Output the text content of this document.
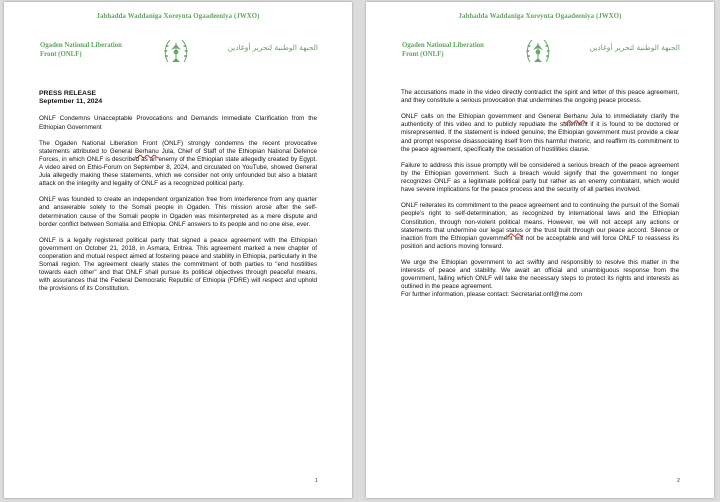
Jabhadda Waddaniga Xoreynta Ogaadeeniya (JWXO)
Ogaden National Liberation
Front (ONLF)
الجبهة الوطنية لتحرير أوغادين
PRESS RELEASE
September 11, 2024

ONLF Condemns Unacceptable Provocations and Demands Immediate Clarification from the Ethiopian Government

The Ogaden National Liberation Front (ONLF) strongly condemns the recent provocative statements attributed to General Berhanu Jula, Chief of Staff of the Ethiopian National Defence Forces, in which ONLF is described as an enemy of the Ethiopian state allegedly created by Egypt. A video aired on Ethio-Forum on September 8, 2024, and circulated on YouTube, showed General Jula allegedly making these statements, which we consider not only unfounded but also a blatant attack on the integrity and legality of ONLF as a recognized political party.

ONLF was founded to create an independent organization free from interference from any quarter and answerable solely to the Somali people in Ogaden. This mission arose after the self-determination cause of the Somali people in Ogaden was misinterpreted as a mere dispute and border conflict between Somalia and Ethiopia. ONLF answers to its people and no one else, ever.

ONLF is a legally registered political party that signed a peace agreement with the Ethiopian government on October 21, 2018, in Asmara, Eritrea. This agreement marked a new chapter of cooperation and mutual respect aimed at fostering peace and stability in Ethiopia, particularly in the Somali region. The agreement clearly states the commitment of both parties to "end hostilities towards each other" and that ONLF shall pursue its political objectives through peaceful means, with assurances that the Federal Democratic Republic of Ethiopia (FDRE) will respect and uphold the provisions of its Constitution.

1
Jabhadda Waddaniga Xoreynta Ogaadeeniya (JWXO)
Ogaden National Liberation
Front (ONLF)
الجبهة الوطنية لتحرير أوغادين

The accusations made in the video directly contradict the spirit and letter of this peace agreement, and they constitute a serious provocation that undermines the ongoing peace process.

ONLF calls on the Ethiopian government and General Berhanu Jula to immediately clarify the authenticity of this video and to publicly repudiate the statement if it is found to be doctored or misrepresented. If the statement is indeed genuine, the Ethiopian government must provide a clear and prompt response disassociating itself from this harmful rhetoric, and reaffirm its commitment to the peace agreement, specifically the cessation of hostilities clause.

Failure to address this issue promptly will be considered a serious breach of the peace agreement by the Ethiopian government. Such a breach would signify that the government no longer recognizes ONLF as a legitimate political party but rather as an enemy combatant, which would have severe implications for the peace process and the security of all parties involved.

ONLF reiterates its commitment to the peace agreement and to continuing the pursuit of the Somali people's right to self-determination, as recognized by international laws and the Ethiopian Constitution, through non-violent political means. However, we will not accept any actions or statements that undermine our legal status or the trust built through our peace accord. Silence or inaction from the Ethiopian government will not be acceptable and will force ONLF to reassess its position and actions moving forward.

We urge the Ethiopian government to act swiftly and responsibly to resolve this matter in the interests of peace and stability. We await an official and unambiguous response from the government, failing which ONLF will take the necessary steps to protect its rights and interests as outlined in the peace agreement.

For further information, please contact: Secretariat.onlf@me.com
2
